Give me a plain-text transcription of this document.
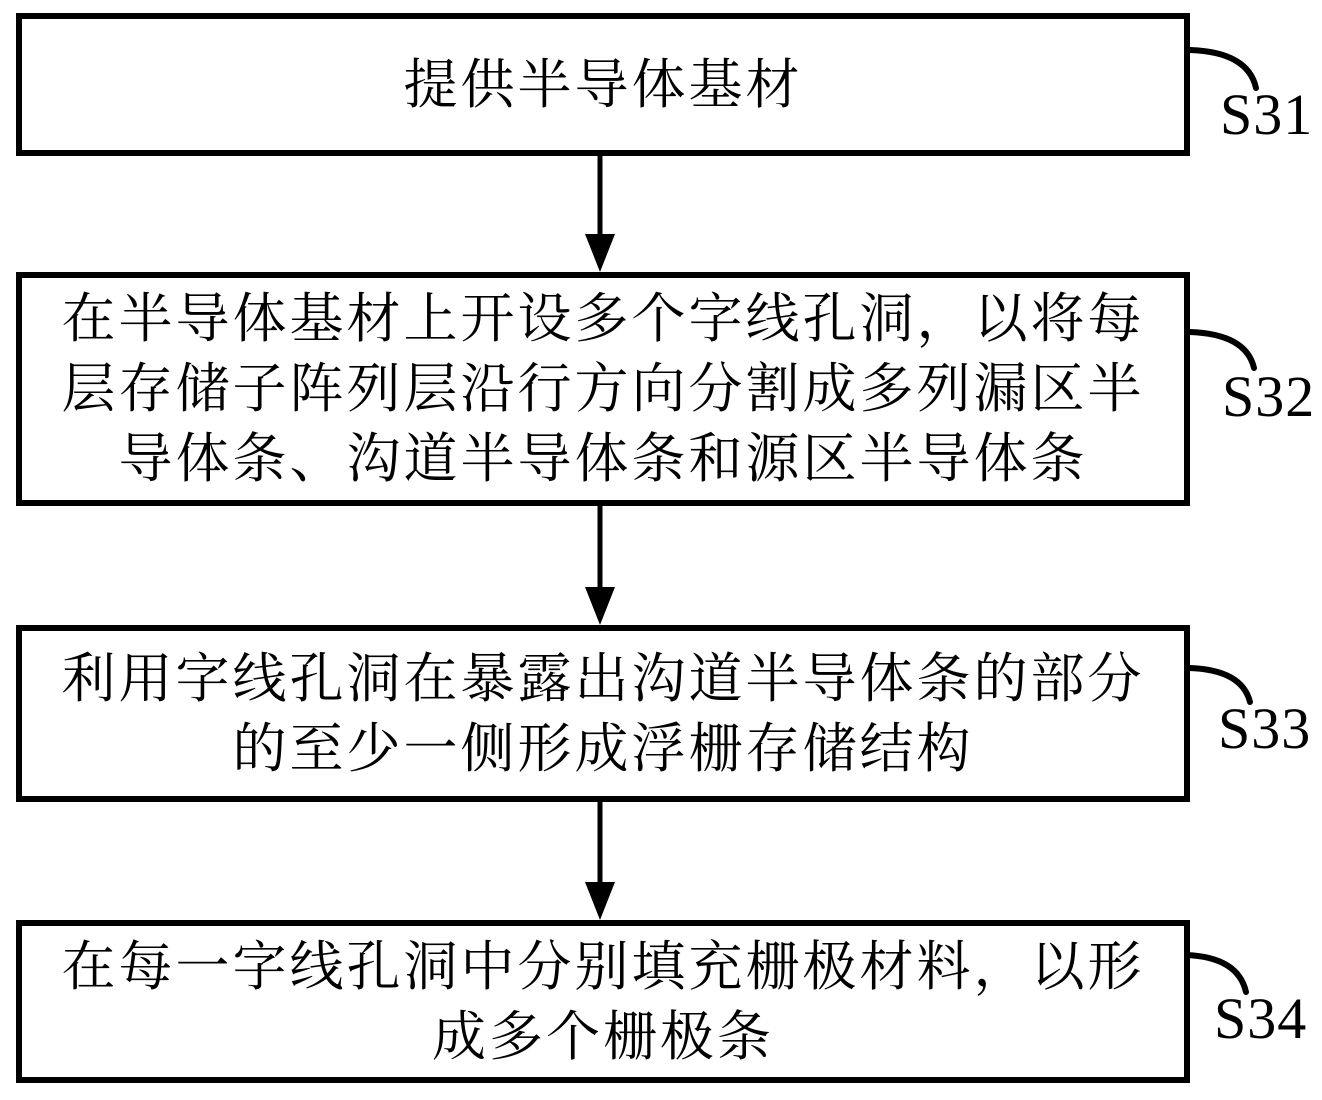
提供半导体基材
在半导体基材上开设多个字线孔洞，以将每
层存储子阵列层沿行方向分割成多列漏区半
导体条、沟道半导体条和源区半导体条
利用字线孔洞在暴露出沟道半导体条的部分
的至少一侧形成浮栅存储结构
在每一字线孔洞中分别填充栅极材料，以形
成多个栅极条
S31
S32
S33
S34
